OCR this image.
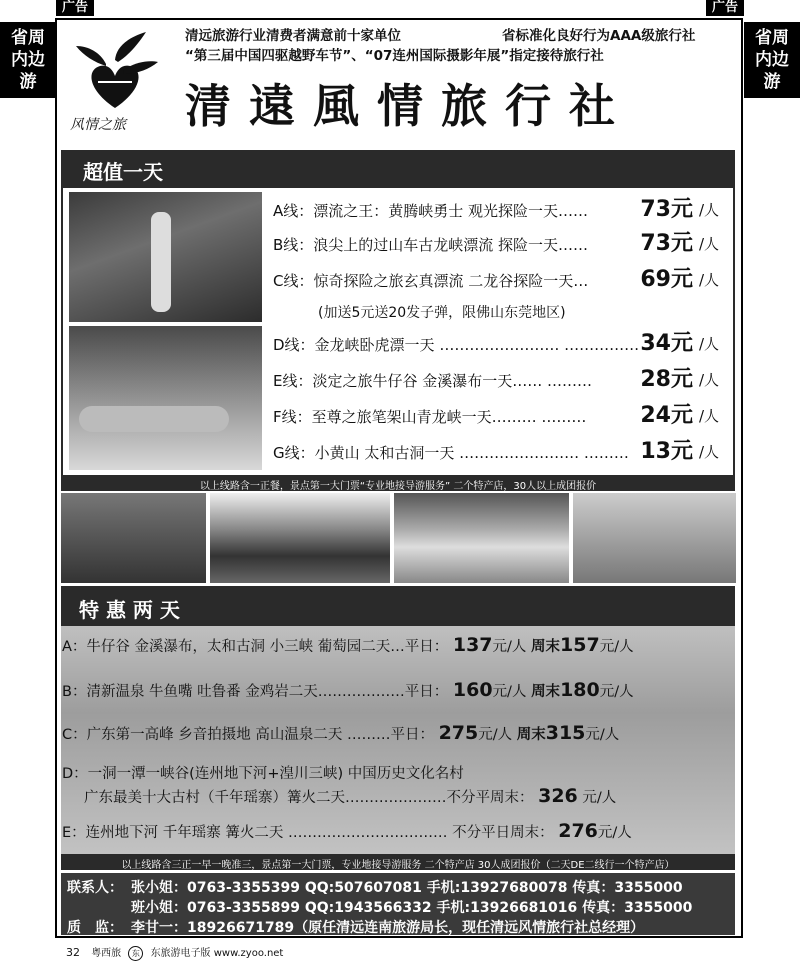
广告	广告
省周
内边
游
省周
内边
游
风情之旅
清远旅游行业清费者满意前十家单位	省标准化良好行为AAA级旅行社
“第三届中国四驱越野车节”、“07连州国际摄影年展”指定接待旅行社
清遠風情旅行社
超值一天
A线：漂流之王：黄腾峡勇士 观光探险一天…… 73元 /人
B线：浪尖上的过山车古龙峡漂流 探险一天…… 73元 /人
C线：惊奇探险之旅玄真漂流 二龙谷探险一天… 69元 /人
(加送5元送20发子弹，限佛山东莞地区)
D线：金龙峡卧虎漂一天 …………………… …………… 34元 /人
E线：淡定之旅牛仔谷 金溪瀑布一天…… ……… 28元 /人
F线：至尊之旅笔架山青龙峡一天……… ……… 24元 /人
G线：小黄山 太和古洞一天 …………………… ……… 13元 /人
以上线路含一正餐，景点第一大门票“专业地接导游服务” 二个特产店，30人以上成团报价
特 惠 两 天
A：牛仔谷 金溪瀑布，太和古洞 小三峡 葡萄园二天…平日： 137元/人 周末157元/人
B：清新温泉 牛鱼嘴 吐鲁番 金鸡岩二天………………平日： 160元/人 周末180元/人
C：广东第一高峰 乡音拍摄地 高山温泉二天 ………平日： 275元/人 周末315元/人
D：一洞一潭一峡谷(连州地下河+湟川三峡) 中国历史文化名村
广东最美十大古村（千年瑶寨）篝火二天…………………不分平周末： 326 元/人
E：连州地下河 千年瑶寨 篝火二天 …………………………… 不分平日周末： 276元/人
以上线路含三正一早一晚准三，景点第一大门票，专业地接导游服务 二个特产店 30人成团报价（二天DE二线行一个特产店）
联系人： 张小姐：0763-3355399 QQ:507607081 手机:13927680078 传真：3355000
班小姐：0763-3355899 QQ:1943566332 手机:13926681016 传真：3355000
质　监： 李甘一：18926671789（原任清远连南旅游局长，现任清远风情旅行社总经理）
32 粤西旅 东 东旅游电子版 www.zyoo.net
